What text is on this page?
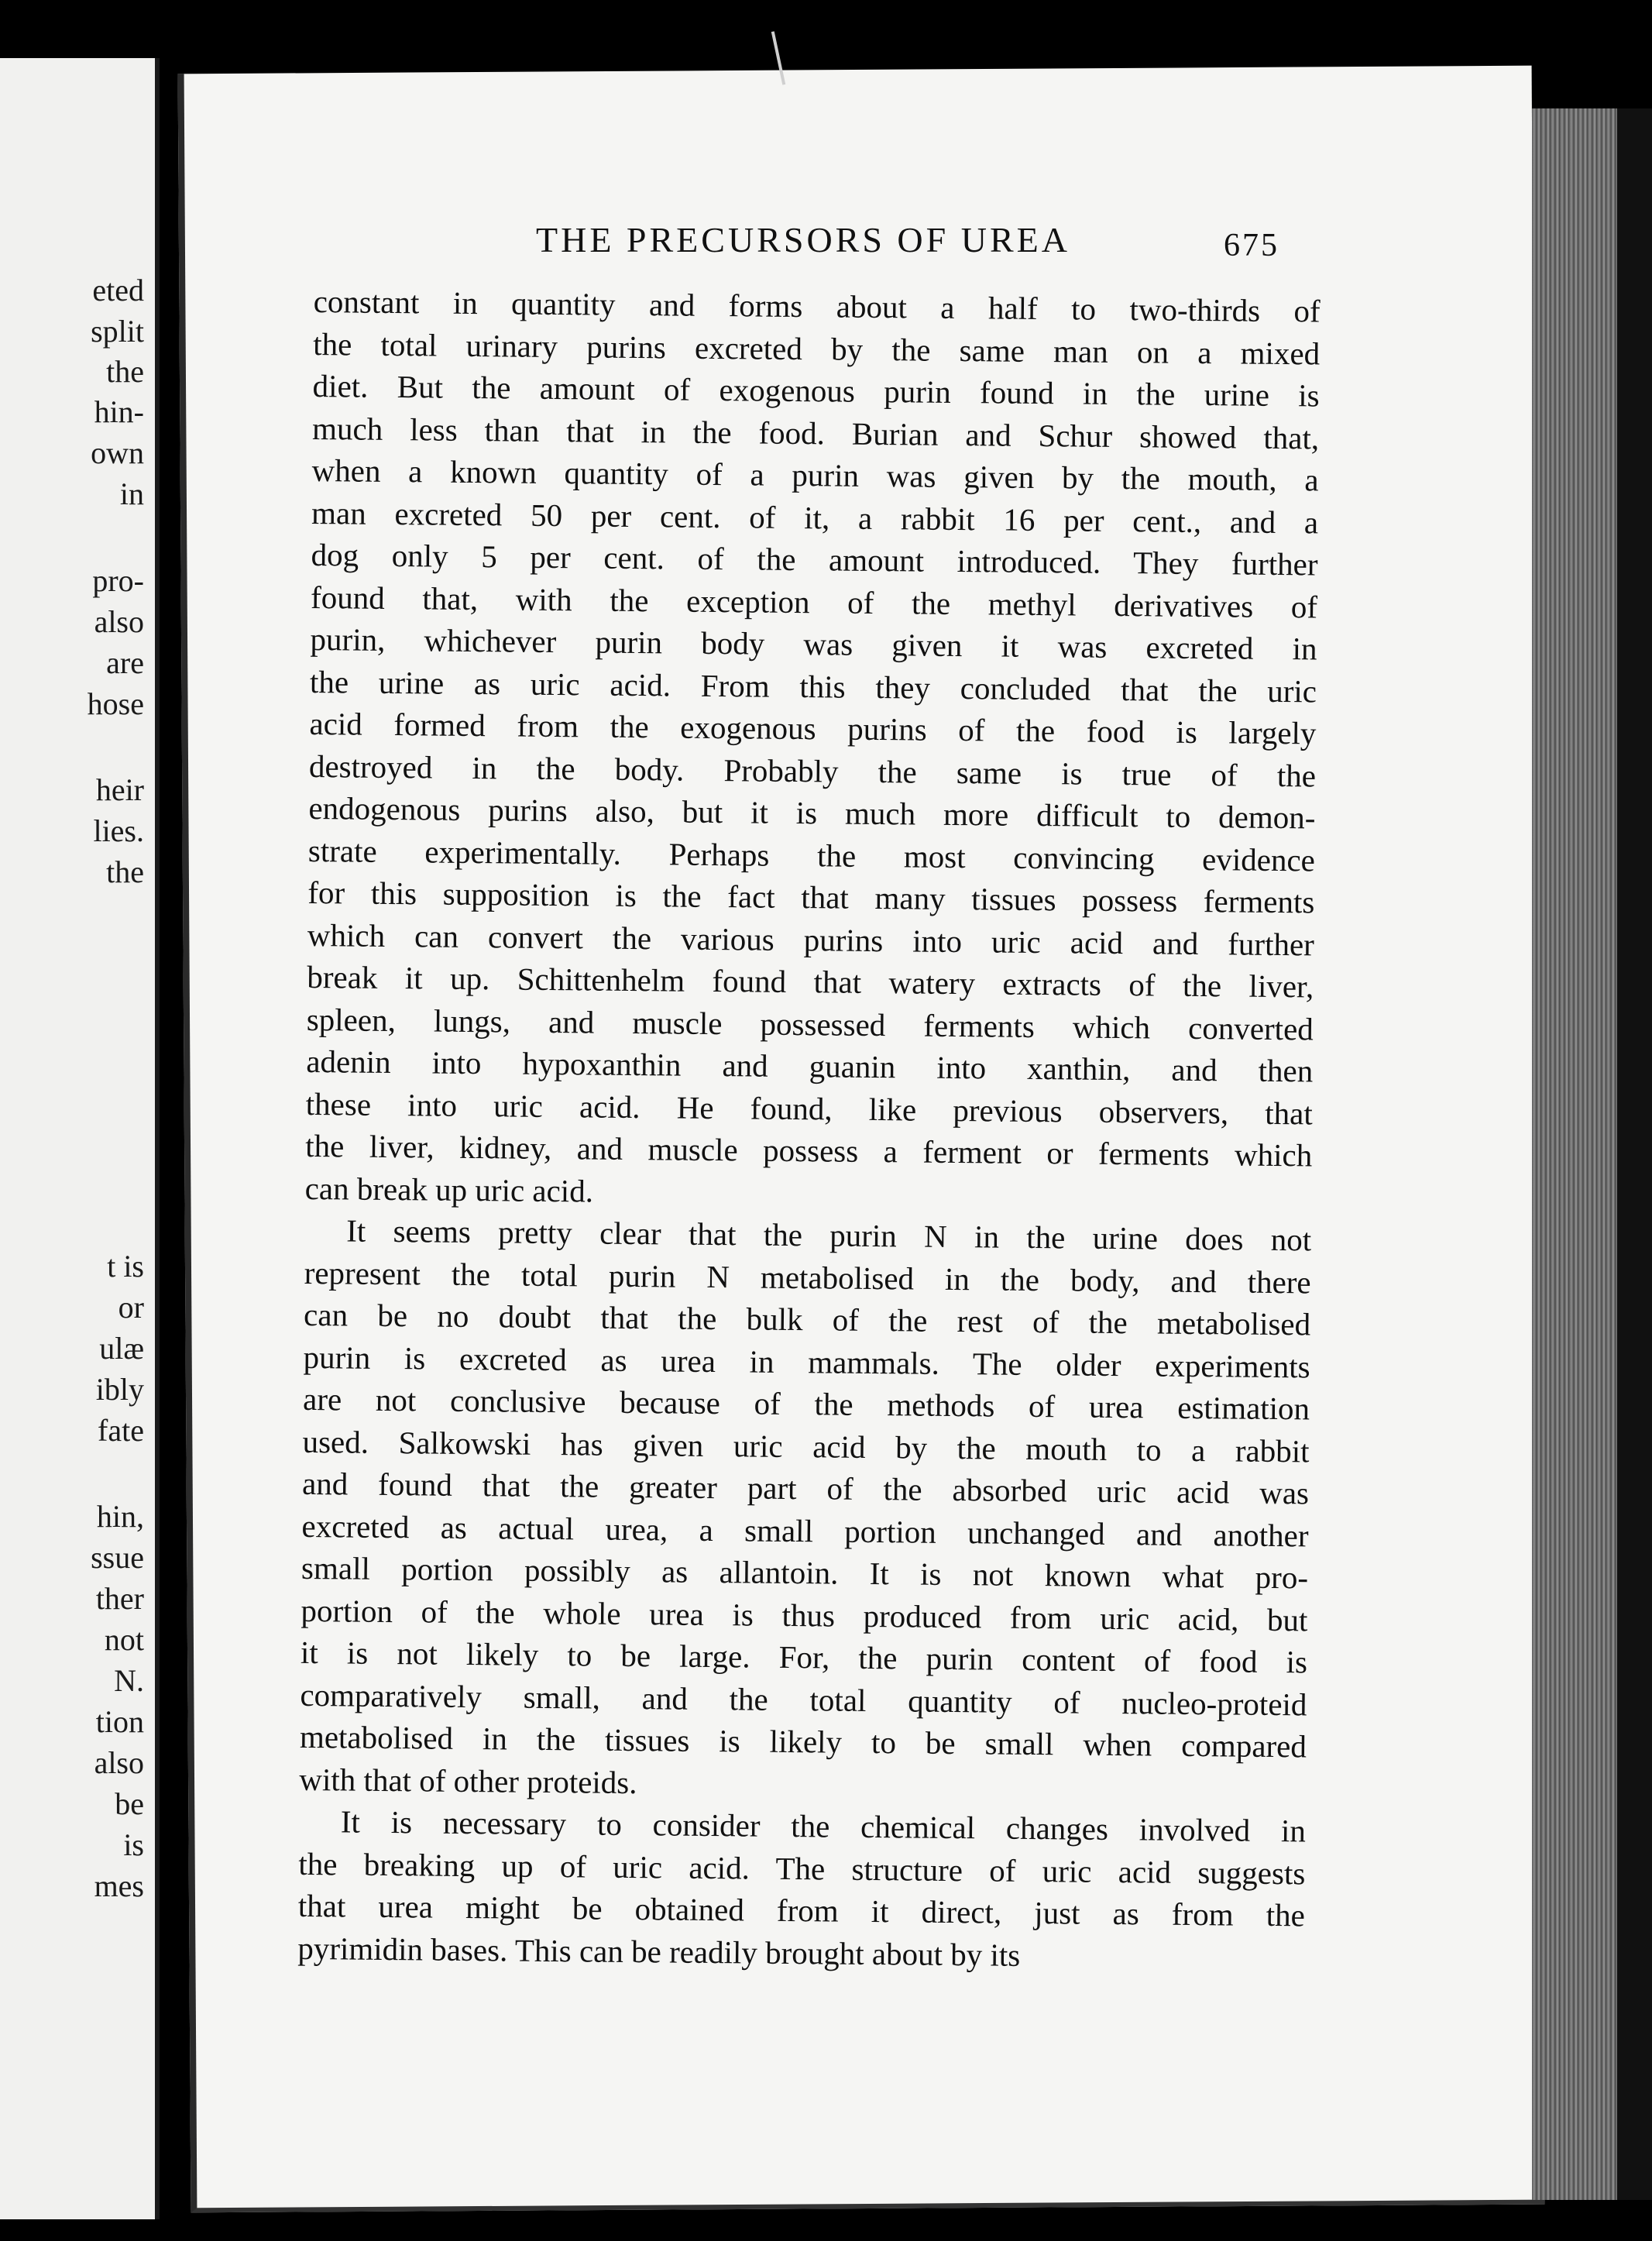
eted
split
the
hin-
own
in
pro-
also
are
hose
heir
lies.
the
t is
or
ulæ
ibly
fate
hin,
ssue
ther
not
N.
tion
also
be
is
mes
THE PRECURSORS OF UREA	675
constant in quantity and forms about a half to two-thirds of
the total urinary purins excreted by the same man on a mixed
diet. But the amount of exogenous purin found in the urine is
much less than that in the food. Burian and Schur showed that,
when a known quantity of a purin was given by the mouth, a
man excreted 50 per cent. of it, a rabbit 16 per cent., and a
dog only 5 per cent. of the amount introduced. They further
found that, with the exception of the methyl derivatives of
purin, whichever purin body was given it was excreted in
the urine as uric acid. From this they concluded that the uric
acid formed from the exogenous purins of the food is largely
destroyed in the body. Probably the same is true of the
endogenous purins also, but it is much more difficult to demon-
strate experimentally. Perhaps the most convincing evidence
for this supposition is the fact that many tissues possess ferments
which can convert the various purins into uric acid and further
break it up. Schittenhelm found that watery extracts of the liver,
spleen, lungs, and muscle possessed ferments which converted
adenin into hypoxanthin and guanin into xanthin, and then
these into uric acid. He found, like previous observers, that
the liver, kidney, and muscle possess a ferment or ferments which
can break up uric acid.
It seems pretty clear that the purin N in the urine does not
represent the total purin N metabolised in the body, and there
can be no doubt that the bulk of the rest of the metabolised
purin is excreted as urea in mammals. The older experiments
are not conclusive because of the methods of urea estimation
used. Salkowski has given uric acid by the mouth to a rabbit
and found that the greater part of the absorbed uric acid was
excreted as actual urea, a small portion unchanged and another
small portion possibly as allantoin. It is not known what pro-
portion of the whole urea is thus produced from uric acid, but
it is not likely to be large. For, the purin content of food is
comparatively small, and the total quantity of nucleo-proteid
metabolised in the tissues is likely to be small when compared
with that of other proteids.
It is necessary to consider the chemical changes involved in
the breaking up of uric acid. The structure of uric acid suggests
that urea might be obtained from it direct, just as from the
pyrimidin bases. This can be readily brought about by its
